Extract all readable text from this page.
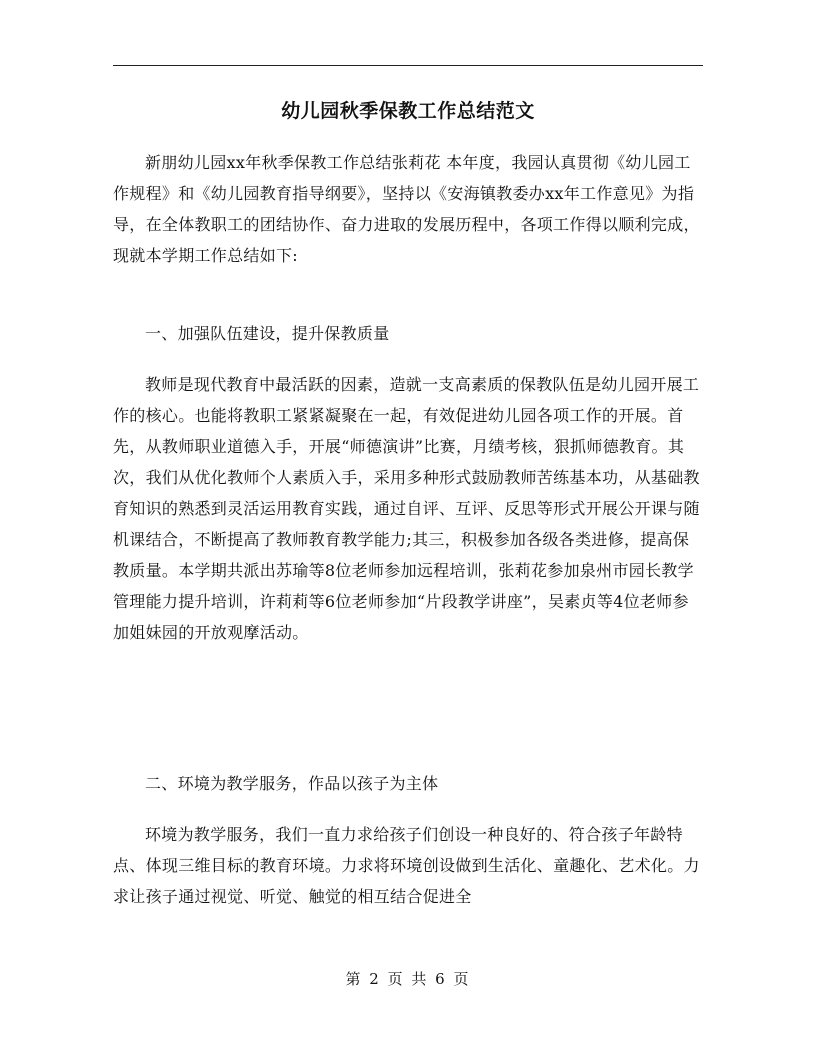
幼儿园秋季保教工作总结范文

新朋幼儿园xx年秋季保教工作总结张莉花 本年度，我园认真贯彻《幼儿园工作规程》和《幼儿园教育指导纲要》，坚持以《安海镇教委办xx年工作意见》为指导，在全体教职工的团结协作、奋力进取的发展历程中，各项工作得以顺利完成，现就本学期工作总结如下:

一、加强队伍建设，提升保教质量

教师是现代教育中最活跃的因素，造就一支高素质的保教队伍是幼儿园开展工作的核心。也能将教职工紧紧凝聚在一起，有效促进幼儿园各项工作的开展。首先，从教师职业道德入手，开展“师德演讲”比赛，月绩考核，狠抓师德教育。其次，我们从优化教师个人素质入手，采用多种形式鼓励教师苦练基本功，从基础教育知识的熟悉到灵活运用教育实践，通过自评、互评、反思等形式开展公开课与随机课结合，不断提高了教师教育教学能力;其三，积极参加各级各类进修，提高保教质量。本学期共派出苏瑜等8位老师参加远程培训，张莉花参加泉州市园长教学管理能力提升培训，许莉莉等6位老师参加“片段教学讲座”，吴素贞等4位老师参加姐妹园的开放观摩活动。

二、环境为教学服务，作品以孩子为主体

环境为教学服务，我们一直力求给孩子们创设一种良好的、符合孩子年龄特点、体现三维目标的教育环境。力求将环境创设做到生活化、童趣化、艺术化。力求让孩子通过视觉、听觉、触觉的相互结合促进全

第 2 页 共 6 页
